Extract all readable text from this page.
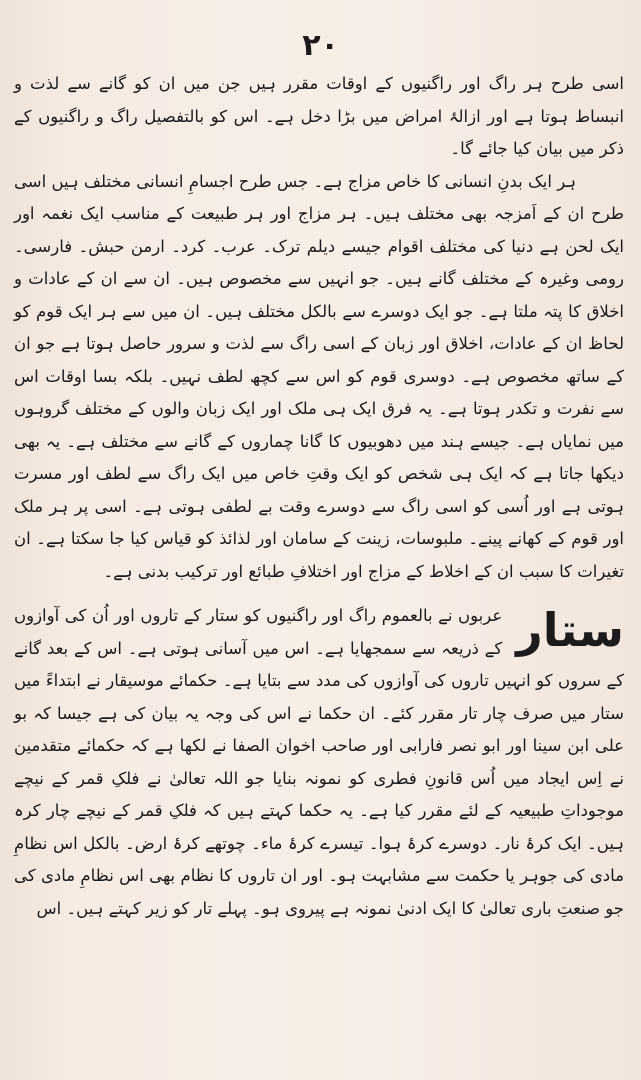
۲۰

اسی طرح ہر راگ اور راگنیوں کے اوقات مقرر ہیں جن میں ان کو گانے سے لذت و انبساط ہوتا ہے اور ازالۂ امراض میں بڑا دخل ہے۔ اس کو بالتفصیل راگ و راگنیوں کے ذکر میں بیان کیا جائے گا۔

ہر ایک بدنِ انسانی کا خاص مزاج ہے۔ جس طرح اجسامِ انسانی مختلف ہیں اسی طرح ان کے اَمزجہ بھی مختلف ہیں۔ ہر مزاج اور ہر طبیعت کے مناسب ایک نغمہ اور ایک لحن ہے دنیا کی مختلف اقوام جیسے دیلم ترک۔ عرب۔ کرد۔ ارمن حبش۔ فارسی۔ رومی وغیرہ کے مختلف گانے ہیں۔ جو انہیں سے مخصوص ہیں۔ ان سے ان کے عادات و اخلاق کا پتہ ملتا ہے۔ جو ایک دوسرے سے بالکل مختلف ہیں۔ ان میں سے ہر ایک قوم کو لحاظ ان کے عادات، اخلاق اور زبان کے اسی راگ سے لذت و سرور حاصل ہوتا ہے جو ان کے ساتھ مخصوص ہے۔ دوسری قوم کو اس سے کچھ لطف نہیں۔ بلکہ بسا اوقات اس سے نفرت و تکدر ہوتا ہے۔ یہ فرق ایک ہی ملک اور ایک زبان والوں کے مختلف گروہوں میں نمایاں ہے۔ جیسے ہند میں دھوبیوں کا گانا چماروں کے گانے سے مختلف ہے۔ یہ بھی دیکھا جاتا ہے کہ ایک ہی شخص کو ایک وقتِ خاص میں ایک راگ سے لطف اور مسرت ہوتی ہے اور اُسی کو اسی راگ سے دوسرے وقت بے لطفی ہوتی ہے۔ اسی پر ہر ملک اور قوم کے کھانے پینے۔ ملبوسات، زینت کے سامان اور لذائذ کو قیاس کیا جا سکتا ہے۔ ان تغیرات کا سبب ان کے اخلاط کے مزاج اور اختلافِ طبائع اور ترکیب بدنی ہے۔

ستار
عربوں نے بالعموم راگ اور راگنیوں کو ستار کے تاروں اور اُن کی آوازوں کے ذریعہ سے سمجھایا ہے۔ اس میں آسانی ہوتی ہے۔ اس کے بعد گانے کے سروں کو انہیں تاروں کی آوازوں کی مدد سے بتایا ہے۔ حکمائے موسیقار نے ابتداءً میں ستار میں صرف چار تار مقرر کئے۔ ان حکما نے اس کی وجہ یہ بیان کی ہے جیسا کہ بو علی ابن سینا اور ابو نصر فارابی اور صاحب اخوان الصفا نے لکھا ہے کہ حکمائے متقدمین نے اِس ایجاد میں اُس قانونِ فطری کو نمونہ بنایا جو اللہ تعالیٰ نے فلکِ قمر کے نیچے موجوداتِ طبیعیہ کے لئے مقرر کیا ہے۔ یہ حکما کہتے ہیں کہ فلکِ قمر کے نیچے چار کرہ ہیں۔ ایک کرۂ نار۔ دوسرے کرۂ ہوا۔ تیسرے کرۂ ماء۔ چوتھے کرۂ ارض۔ بالکل اس نظامِ مادی کی جوہر یا حکمت سے مشابہت ہو۔ اور ان تاروں کا نظام بھی اس نظامِ مادی کی جو صنعتِ باری تعالیٰ کا ایک ادنیٰ نمونہ ہے پیروی ہو۔ پہلے تار کو زیر کہتے ہیں۔ اس
